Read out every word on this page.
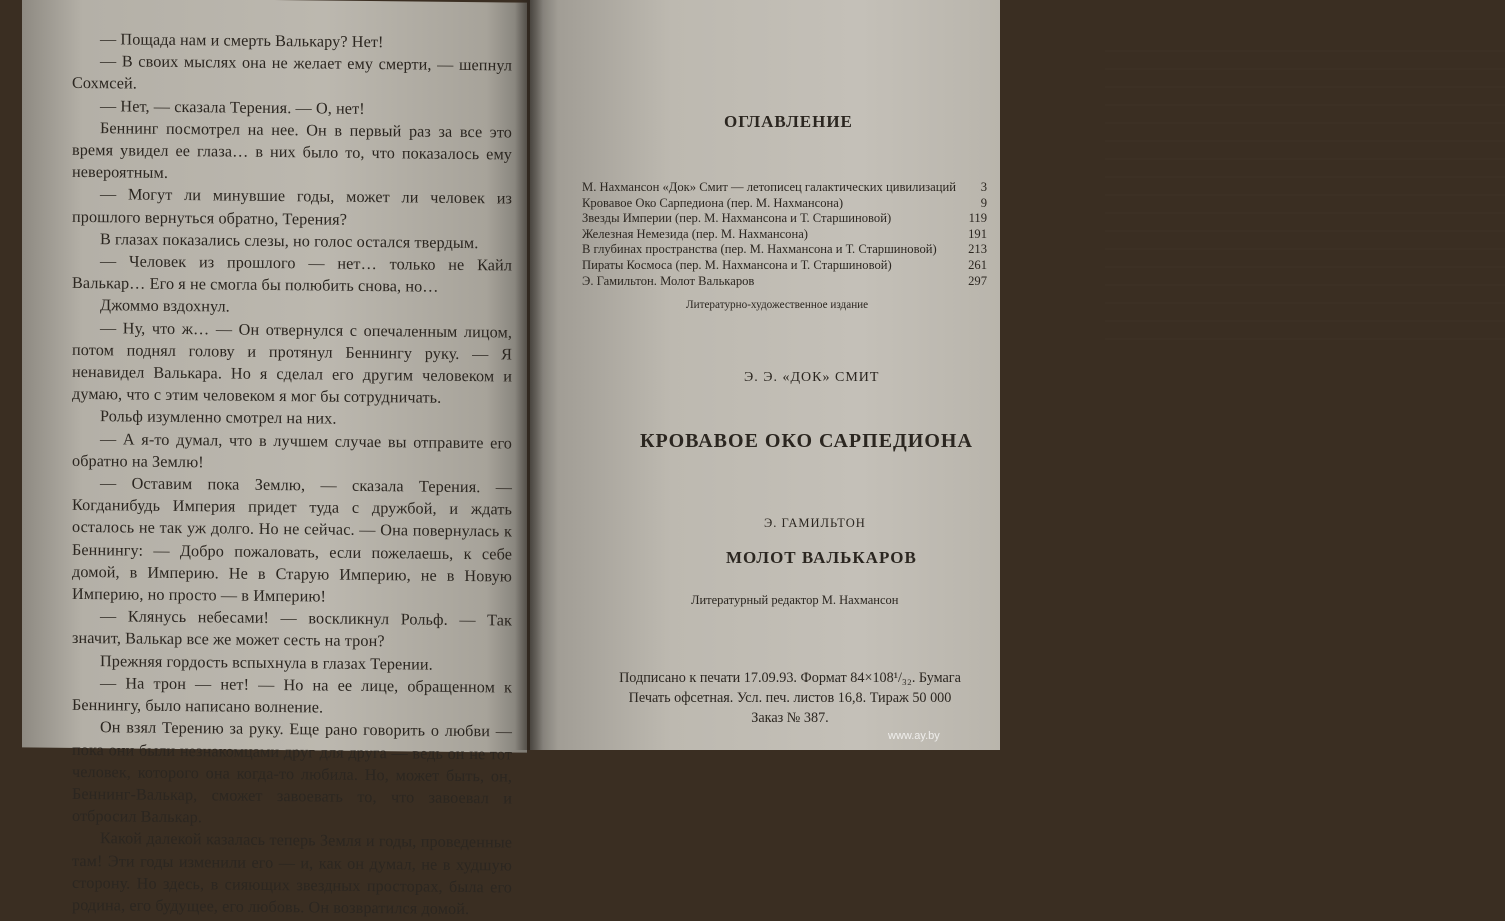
— Пощада нам и смерть Валькару? Нет!

— В своих мыслях она не желает ему смерти, — шепнул Сохмсей.

— Нет, — сказала Терения. — О, нет!

Беннинг посмотрел на нее. Он в первый раз за все это время увидел ее глаза… в них было то, что показалось ему невероятным.

— Могут ли минувшие годы, может ли человек из прошлого вернуться обратно, Терения?

В глазах показались слезы, но голос остался твердым.

— Человек из прошлого — нет… только не Кайл Валькар… Его я не смогла бы полюбить снова, но…

Джоммо вздохнул.

— Ну, что ж… — Он отвернулся с опечаленным лицом, потом поднял голову и протянул Беннингу руку. — Я ненавидел Валькара. Но я сделал его другим человеком и думаю, что с этим человеком я мог бы сотрудничать.

Рольф изумленно смотрел на них.

— А я-то думал, что в лучшем случае вы отправите его обратно на Землю!

— Оставим пока Землю, — сказала Терения. — Когданибудь Империя придет туда с дружбой, и ждать осталось не так уж долго. Но не сейчас. — Она повернулась к Беннингу: — Добро пожаловать, если пожелаешь, к себе домой, в Империю. Не в Старую Империю, не в Новую Империю, но просто — в Империю!

— Клянусь небесами! — воскликнул Рольф. — Так значит, Валькар все же может сесть на трон?

Прежняя гордость вспыхнула в глазах Терении.

— На трон — нет! — Но на ее лице, обращенном к Беннингу, было написано волнение.

Он взял Терению за руку. Еще рано говорить о любви — пока они были незнакомцами друг для друга — ведь он не тот человек, которого она когда-то любила. Но, может быть, он, Беннинг-Валькар, сможет завоевать то, что завоевал и отбросил Валькар.

Какой далекой казалась теперь Земля и годы, проведенные там! Эти годы изменили его — и, как он думал, не в худшую сторону. Но здесь, в сияющих звездных просторах, была его родина, его будущее, его любовь. Он возвратился домой.

ОГЛАВЛЕНИЕ
М. Нахмансон «Док» Смит — летописец галактических цивилизаций	3
Кровавое Око Сарпедиона (пер. М. Нахмансона)	9
Звезды Империи (пер. М. Нахмансона и Т. Старшиновой)	119
Железная Немезида (пер. М. Нахмансона)	191
В глубинах пространства (пер. М. Нахмансона и Т. Старшиновой)	213
Пираты Космоса (пер. М. Нахмансона и Т. Старшиновой)	261
Э. Гамильтон. Молот Валькаров	297
Литературно-художественное издание
Э. Э. «ДОК» СМИТ
КРОВАВОЕ ОКО САРПЕДИОНА
Э. ГАМИЛЬТОН
МОЛОТ ВАЛЬКАРОВ
Литературный редактор М. Нахмансон
Подписано к печати 17.09.93. Формат 84×108¹/₃₂. Бумага
Печать офсетная. Усл. печ. листов 16,8. Тираж 50 000
Заказ № 387.
www.ay.by
